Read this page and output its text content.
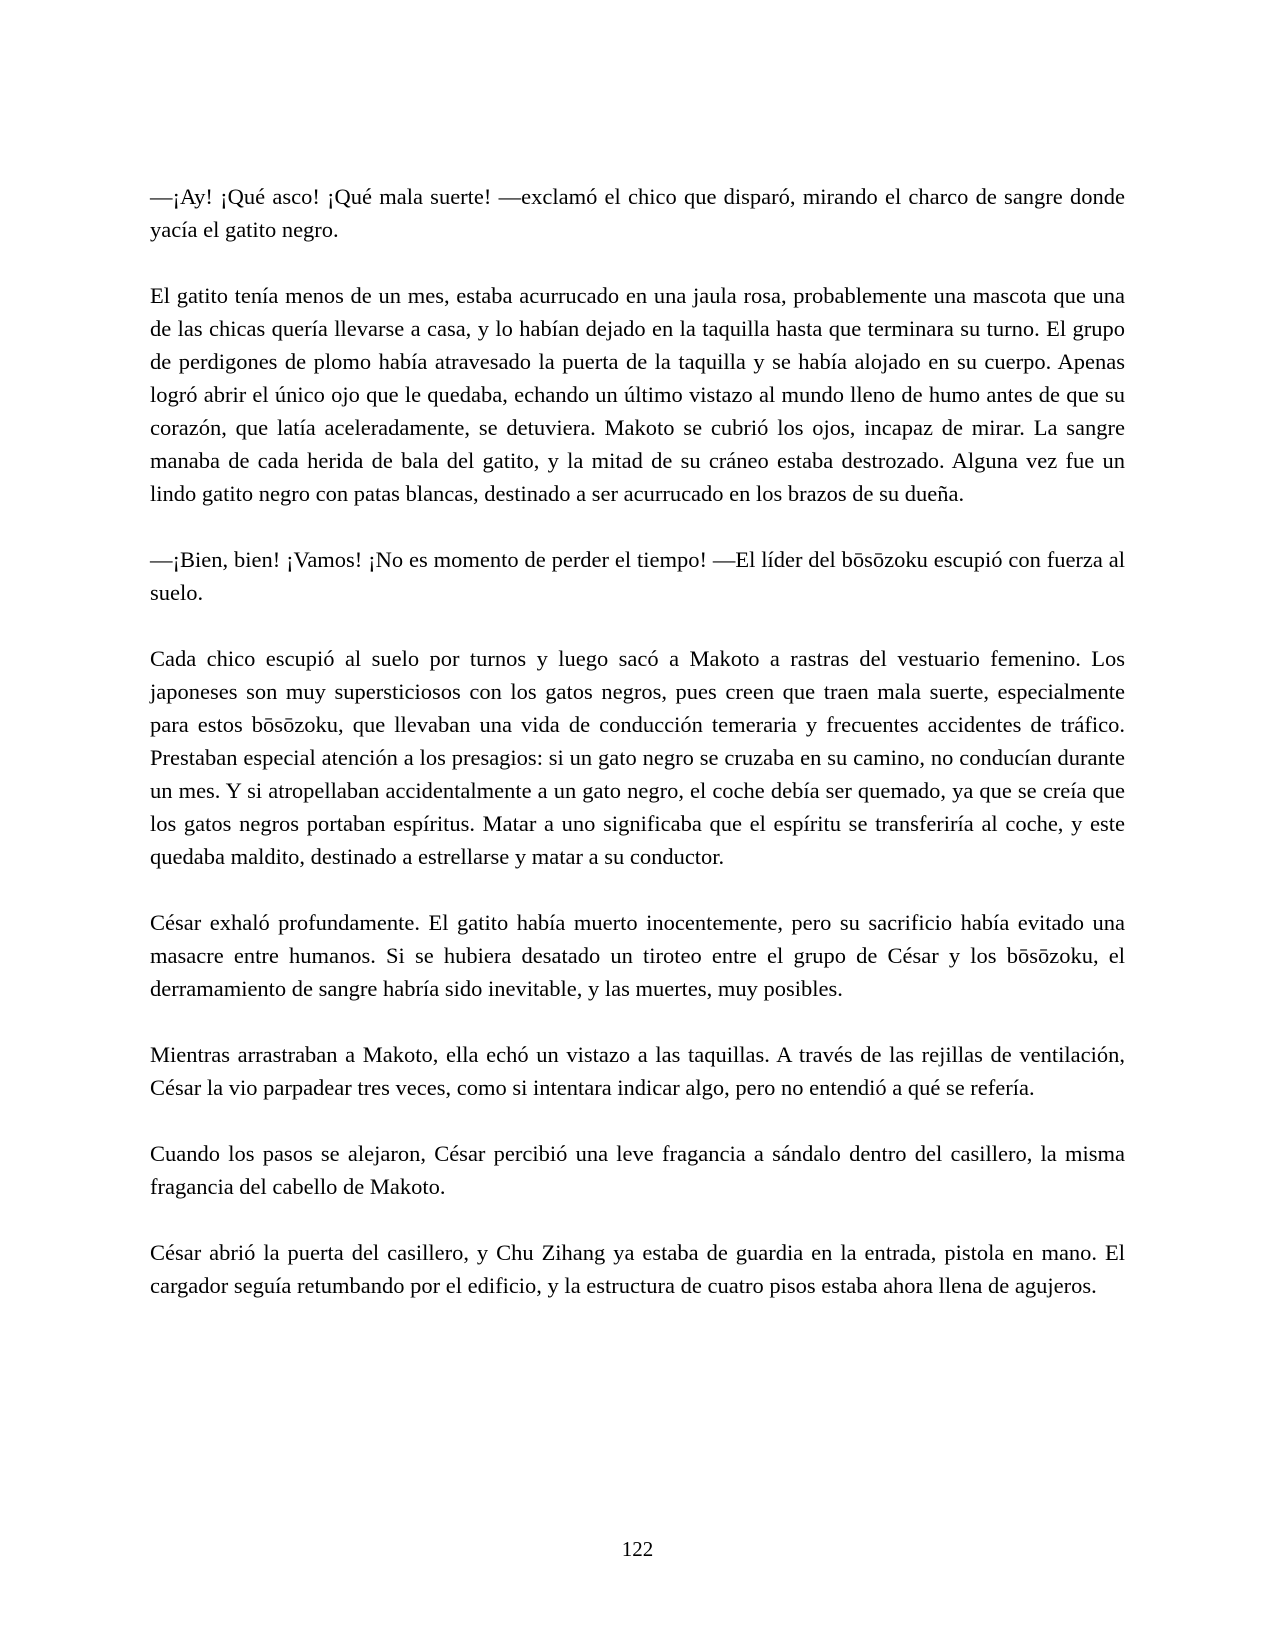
—¡Ay! ¡Qué asco! ¡Qué mala suerte! —exclamó el chico que disparó, mirando el charco de sangre donde yacía el gatito negro.

El gatito tenía menos de un mes, estaba acurrucado en una jaula rosa, probablemente una mascota que una de las chicas quería llevarse a casa, y lo habían dejado en la taquilla hasta que terminara su turno. El grupo de perdigones de plomo había atravesado la puerta de la taquilla y se había alojado en su cuerpo. Apenas logró abrir el único ojo que le quedaba, echando un último vistazo al mundo lleno de humo antes de que su corazón, que latía aceleradamente, se detuviera. Makoto se cubrió los ojos, incapaz de mirar. La sangre manaba de cada herida de bala del gatito, y la mitad de su cráneo estaba destrozado. Alguna vez fue un lindo gatito negro con patas blancas, destinado a ser acurrucado en los brazos de su dueña.

—¡Bien, bien! ¡Vamos! ¡No es momento de perder el tiempo! —El líder del bōsōzoku escupió con fuerza al suelo.

Cada chico escupió al suelo por turnos y luego sacó a Makoto a rastras del vestuario femenino. Los japoneses son muy supersticiosos con los gatos negros, pues creen que traen mala suerte, especialmente para estos bōsōzoku, que llevaban una vida de conducción temeraria y frecuentes accidentes de tráfico. Prestaban especial atención a los presagios: si un gato negro se cruzaba en su camino, no conducían durante un mes. Y si atropellaban accidentalmente a un gato negro, el coche debía ser quemado, ya que se creía que los gatos negros portaban espíritus. Matar a uno significaba que el espíritu se transferiría al coche, y este quedaba maldito, destinado a estrellarse y matar a su conductor.

César exhaló profundamente. El gatito había muerto inocentemente, pero su sacrificio había evitado una masacre entre humanos. Si se hubiera desatado un tiroteo entre el grupo de César y los bōsōzoku, el derramamiento de sangre habría sido inevitable, y las muertes, muy posibles.

Mientras arrastraban a Makoto, ella echó un vistazo a las taquillas. A través de las rejillas de ventilación, César la vio parpadear tres veces, como si intentara indicar algo, pero no entendió a qué se refería.

Cuando los pasos se alejaron, César percibió una leve fragancia a sándalo dentro del casillero, la misma fragancia del cabello de Makoto.

César abrió la puerta del casillero, y Chu Zihang ya estaba de guardia en la entrada, pistola en mano. El cargador seguía retumbando por el edificio, y la estructura de cuatro pisos estaba ahora llena de agujeros.

122
